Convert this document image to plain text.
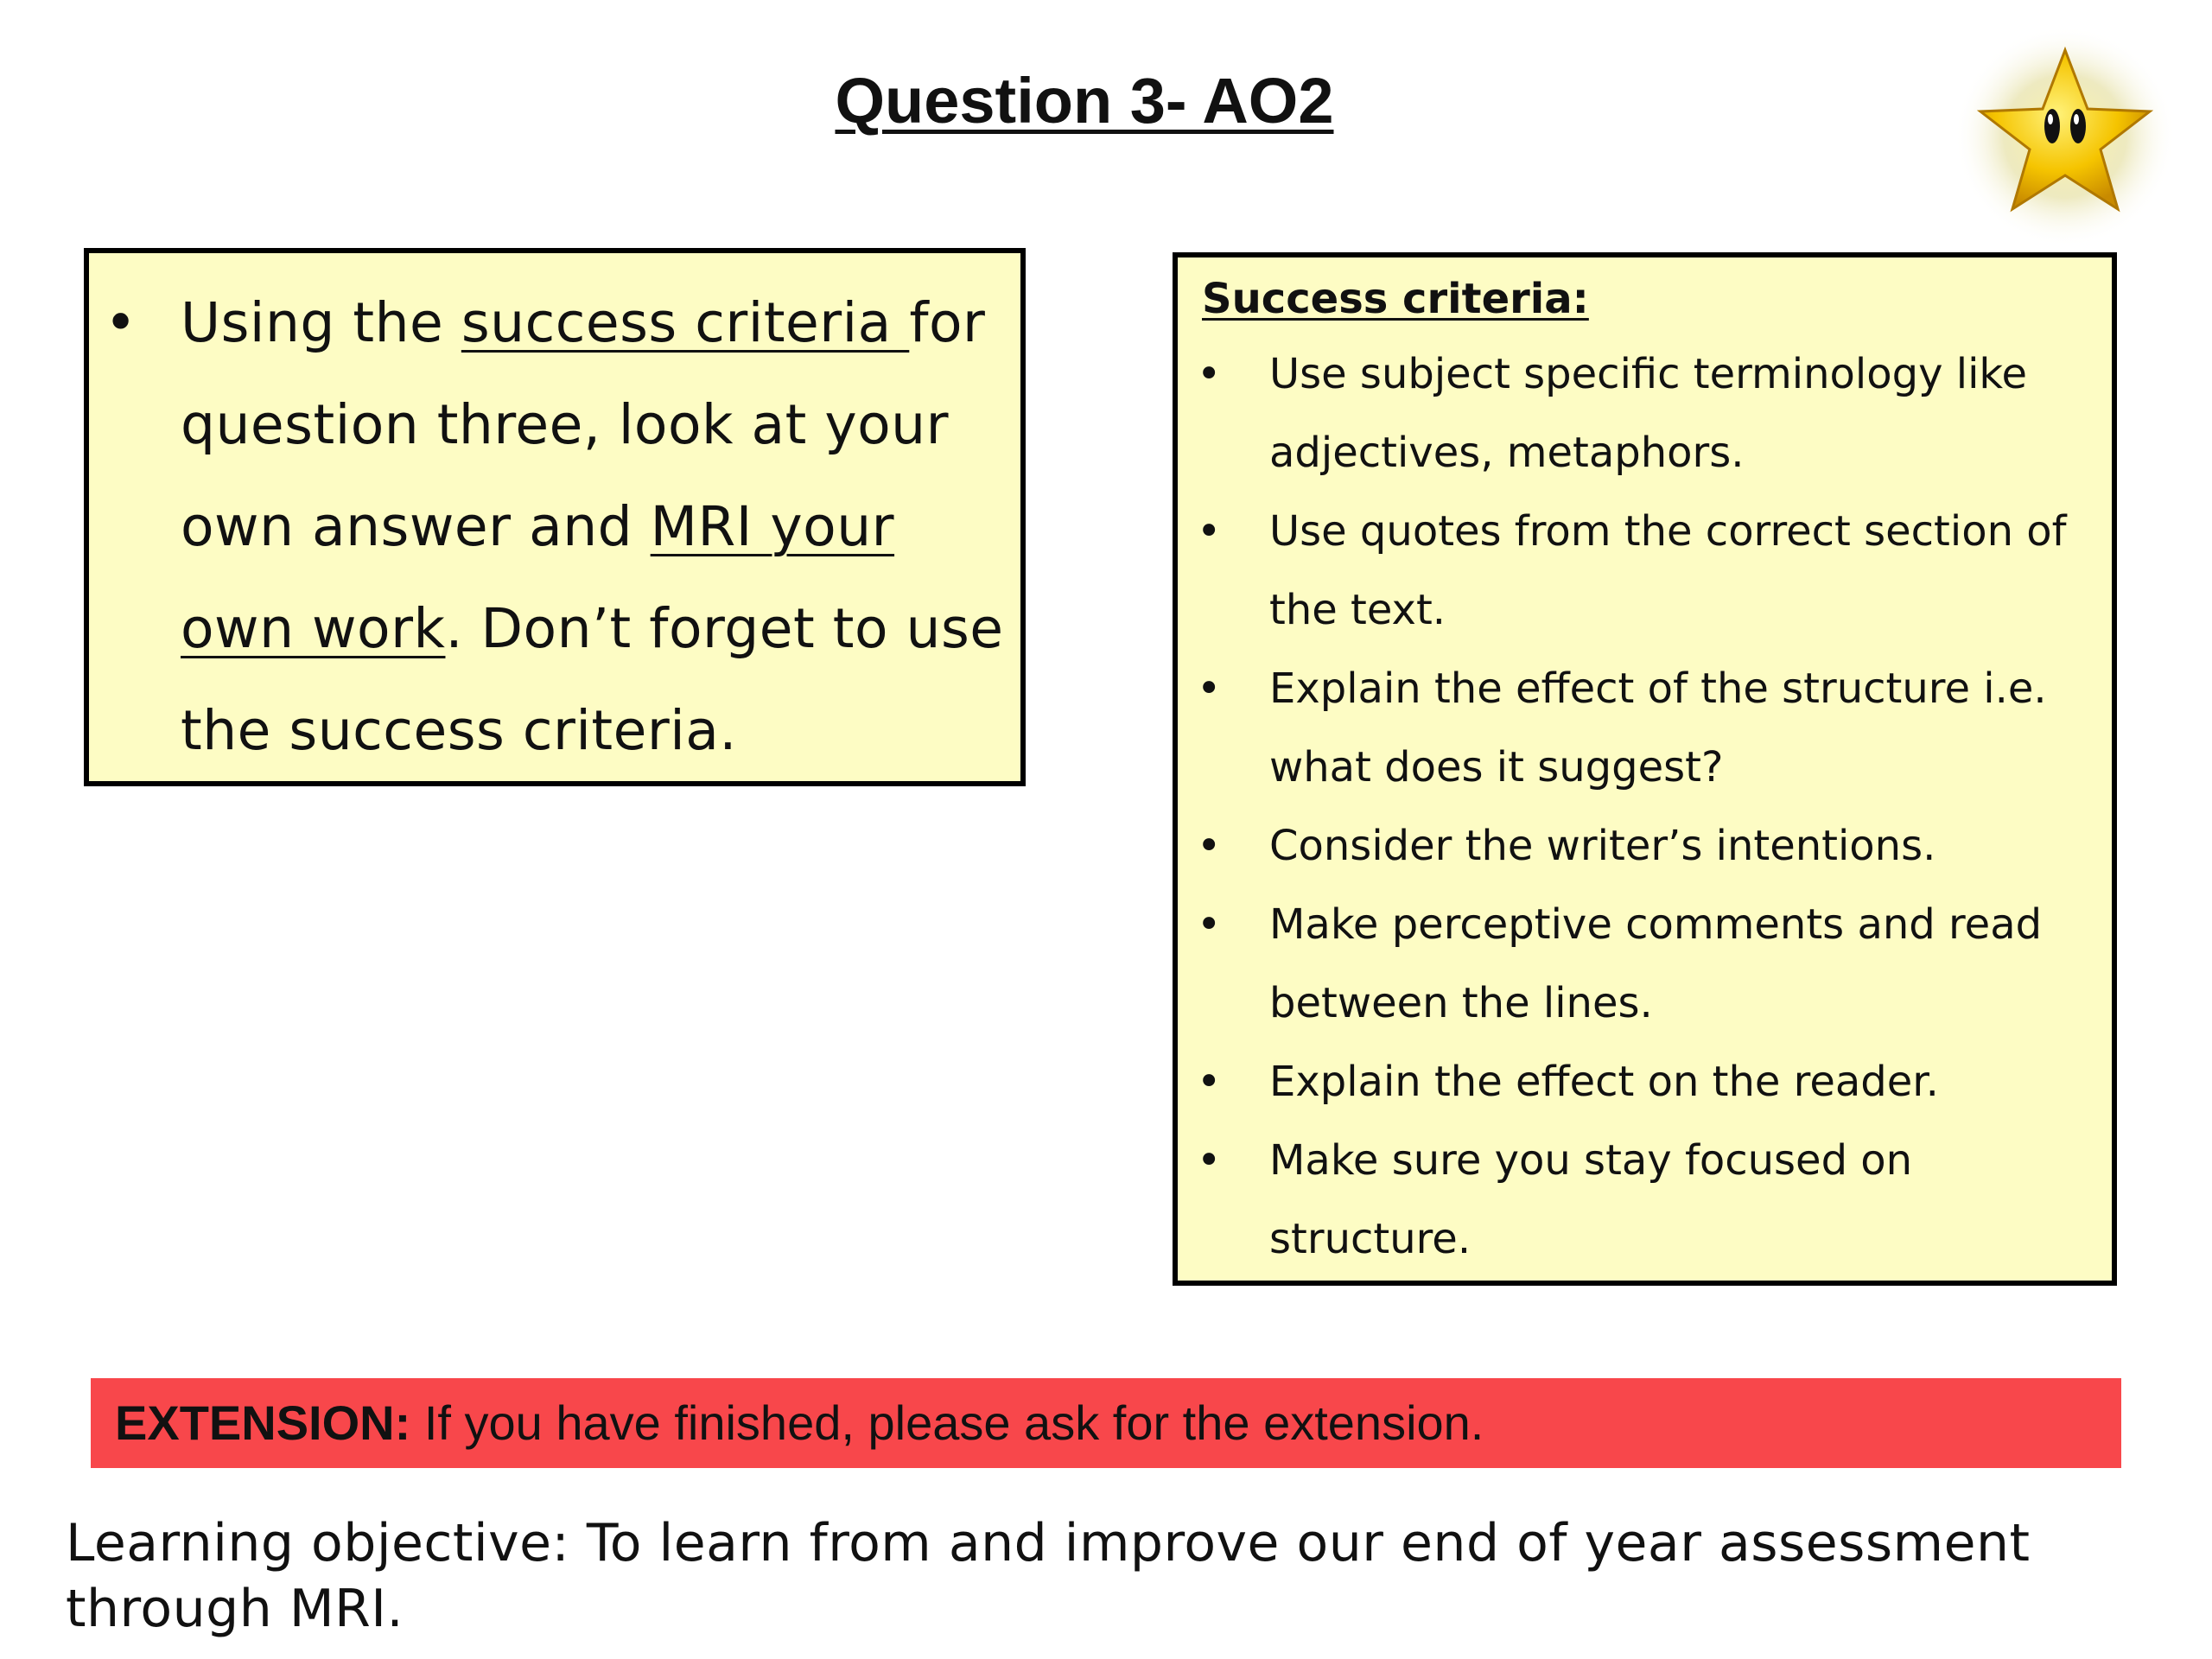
Question 3- AO2
• Using the success criteria for question three, look at your own answer and MRI your own work. Don’t forget to use the success criteria.
Success criteria:
• Use subject specific terminology like adjectives, metaphors.
• Use quotes from the correct section of the text.
• Explain the effect of the structure i.e. what does it suggest?
• Consider the writer’s intentions.
• Make perceptive comments and read between the lines.
• Explain the effect on the reader.
• Make sure you stay focused on structure.
EXTENSION: If you have finished, please ask for the extension.
Learning objective: To learn from and improve our end of year assessment through MRI.
